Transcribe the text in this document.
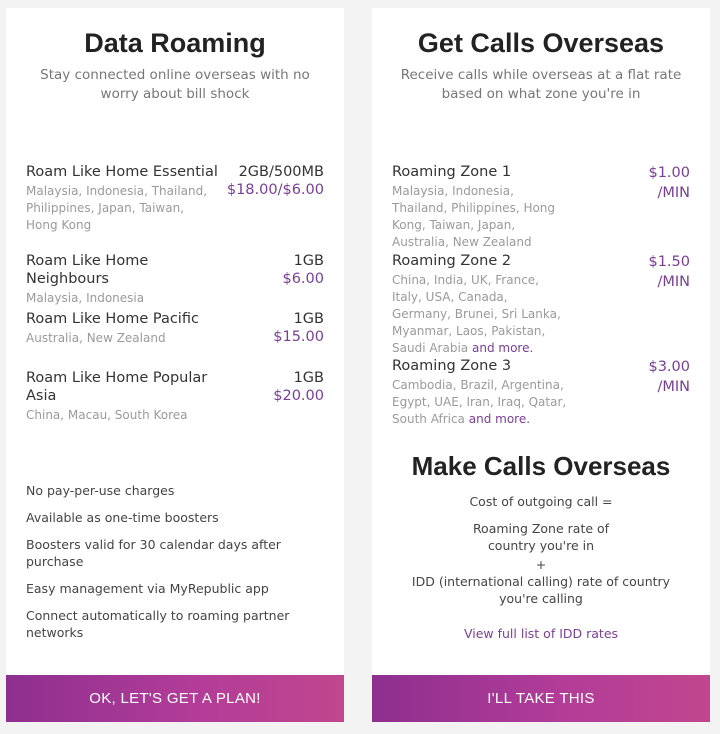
Data Roaming
Stay connected online overseas with no worry about bill shock
Roam Like Home Essential
Malaysia, Indonesia, Thailand, Philippines, Japan, Taiwan, Hong Kong
2GB/500MB
$18.00/$6.00
Roam Like Home Neighbours
Malaysia, Indonesia
1GB
$6.00
Roam Like Home Pacific
Australia, New Zealand
1GB
$15.00
Roam Like Home Popular Asia
China, Macau, South Korea
1GB
$20.00
No pay-per-use charges
Available as one-time boosters
Boosters valid for 30 calendar days after purchase
Easy management via MyRepublic app
Connect automatically to roaming partner networks
OK, LET'S GET A PLAN!
Get Calls Overseas
Receive calls while overseas at a flat rate based on what zone you're in
Roaming Zone 1
Malaysia, Indonesia, Thailand, Philippines, Hong Kong, Taiwan, Japan, Australia, New Zealand
$1.00
/MIN
Roaming Zone 2
China, India, UK, France, Italy, USA, Canada, Germany, Brunei, Sri Lanka, Myanmar, Laos, Pakistan, Saudi Arabia and more.
$1.50
/MIN
Roaming Zone 3
Cambodia, Brazil, Argentina, Egypt, UAE, Iran, Iraq, Qatar, South Africa and more.
$3.00
/MIN
Make Calls Overseas
Cost of outgoing call =
Roaming Zone rate of country you're in
+
IDD (international calling) rate of country you're calling
View full list of IDD rates
I'LL TAKE THIS
